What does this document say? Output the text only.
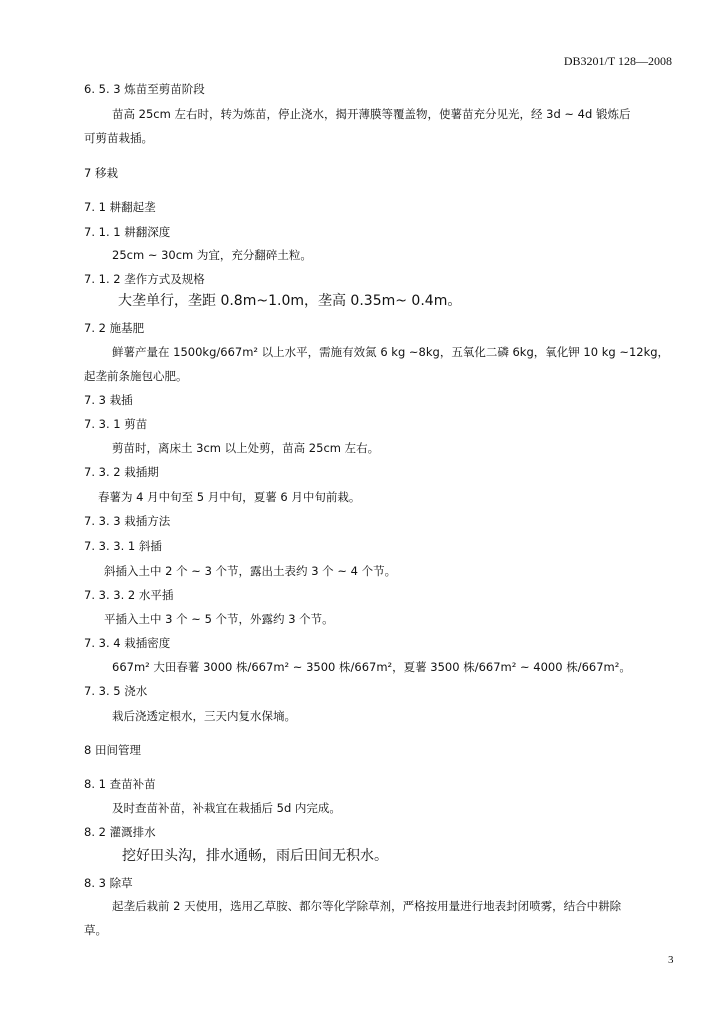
DB3201/T 128—2008
6. 5. 3 炼苗至剪苗阶段
苗高 25cm 左右时，转为炼苗，停止浇水，揭开薄膜等覆盖物，使薯苗充分见光，经 3d ~ 4d 锻炼后
可剪苗栽插。
7 移栽
7. 1 耕翻起垄
7. 1. 1 耕翻深度
25cm ~ 30cm 为宜，充分翻碎土粒。
7. 1. 2 垄作方式及规格
大垄单行，垄距 0.8m~1.0m，垄高 0.35m~ 0.4m。
7. 2 施基肥
鲜薯产量在 1500kg/667m² 以上水平，需施有效氮 6 kg ~8kg，五氧化二磷 6kg，氧化钾 10 kg ~12kg，
起垄前条施包心肥。
7. 3 栽插
7. 3. 1 剪苗
剪苗时，离床土 3cm 以上处剪，苗高 25cm 左右。
7. 3. 2 栽插期
春薯为 4 月中旬至 5 月中旬，夏薯 6 月中旬前栽。
7. 3. 3 栽插方法
7. 3. 3. 1 斜插
斜插入土中 2 个 ~ 3 个节，露出土表约 3 个 ~ 4 个节。
7. 3. 3. 2 水平插
平插入土中 3 个 ~ 5 个节，外露约 3 个节。
7. 3. 4 栽插密度
667m² 大田春薯 3000 株/667m² ~ 3500 株/667m²，夏薯 3500 株/667m² ~ 4000 株/667m²。
7. 3. 5 浇水
栽后浇透定根水，三天内复水保墒。
8 田间管理
8. 1 查苗补苗
及时查苗补苗，补栽宜在栽插后 5d 内完成。
8. 2 灌溉排水
挖好田头沟，排水通畅，雨后田间无积水。
8. 3 除草
起垄后栽前 2 天使用，选用乙草胺、都尔等化学除草剂，严格按用量进行地表封闭喷雾，结合中耕除
草。
3
